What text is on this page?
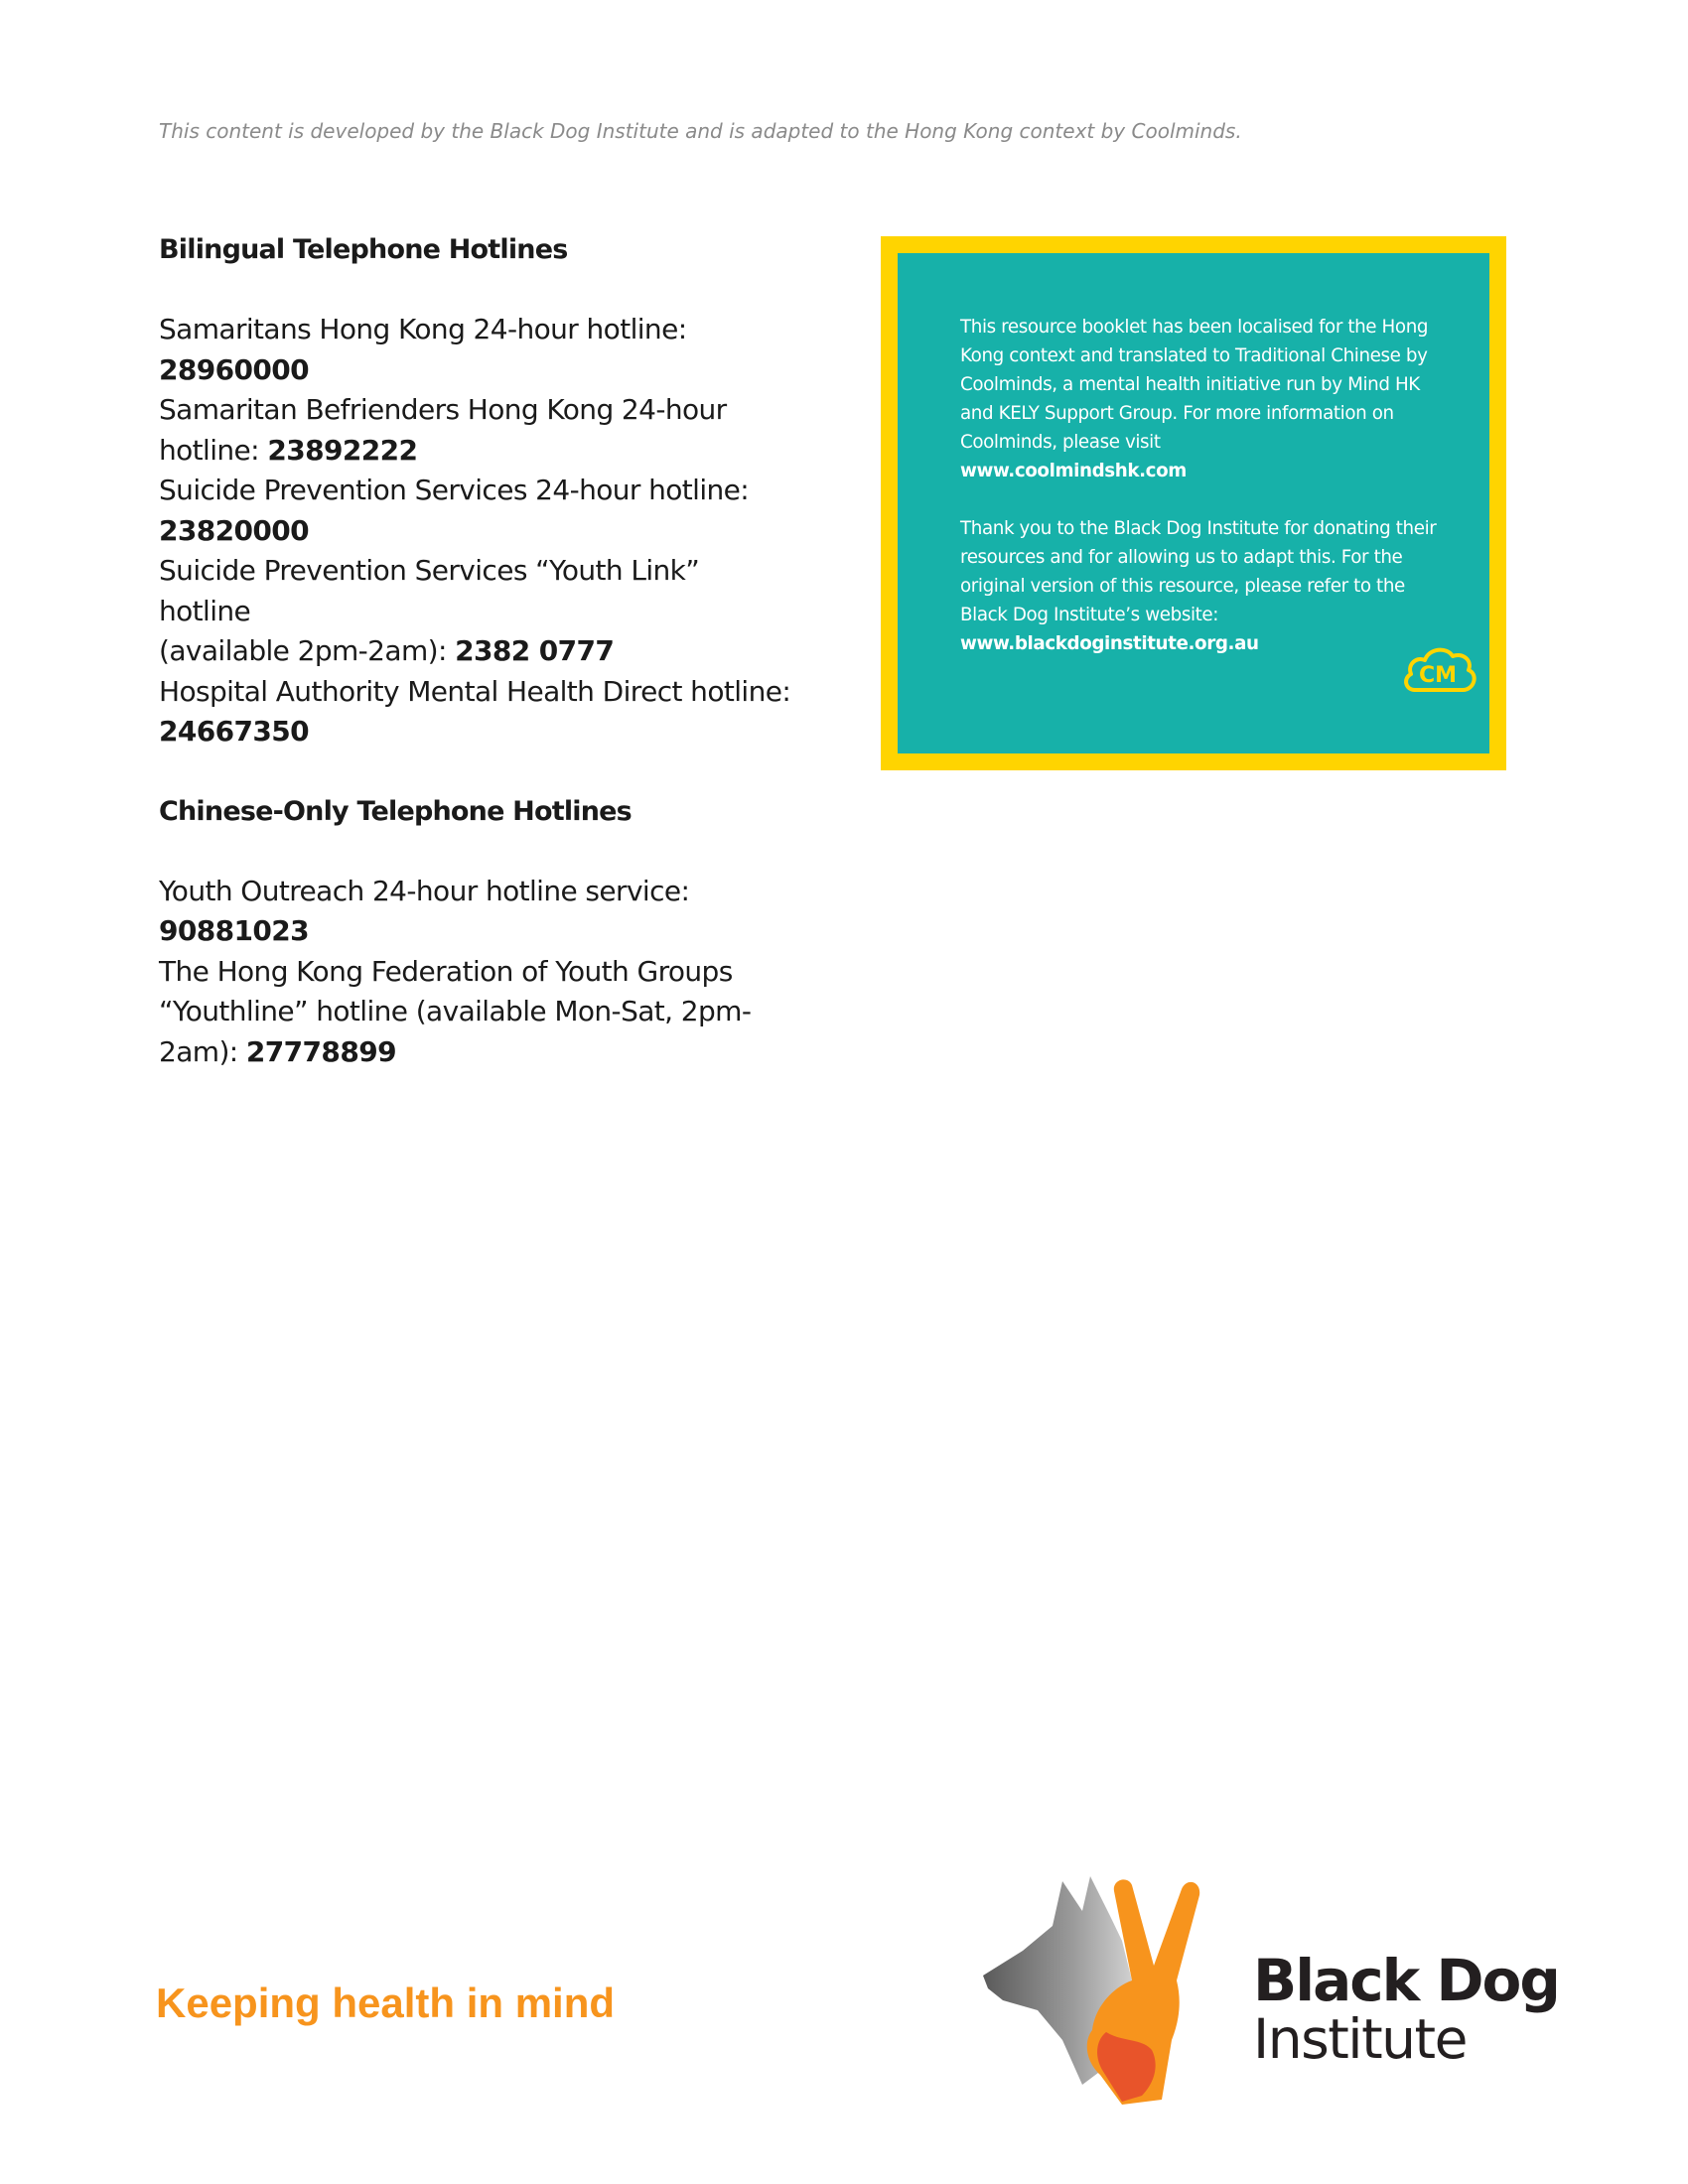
This content is developed by the Black Dog Institute and is adapted to the Hong Kong context by Coolminds.

Bilingual Telephone Hotlines

Samaritans Hong Kong 24-hour hotline:
28960000

Samaritan Befrienders Hong Kong 24-hour
hotline: 23892222

Suicide Prevention Services 24-hour hotline:
23820000

Suicide Prevention Services “Youth Link” hotline
(available 2pm-2am): 2382 0777

Hospital Authority Mental Health Direct hotline:
24667350

Chinese-Only Telephone Hotlines

Youth Outreach 24-hour hotline service:
90881023

The Hong Kong Federation of Youth Groups
“Youthline” hotline (available Mon-Sat, 2pm-
2am): 27778899

This resource booklet has been localised for the Hong Kong context and translated to Traditional Chinese by Coolminds, a mental health initiative run by Mind HK and KELY Support Group. For more information on Coolminds, please visit

www.coolmindshk.com

Thank you to the Black Dog Institute for donating their resources and for allowing us to adapt this. For the original version of this resource, please refer to the Black Dog Institute’s website:

www.blackdoginstitute.org.au

CM
Keeping health in mind	Black Dog
Institute
